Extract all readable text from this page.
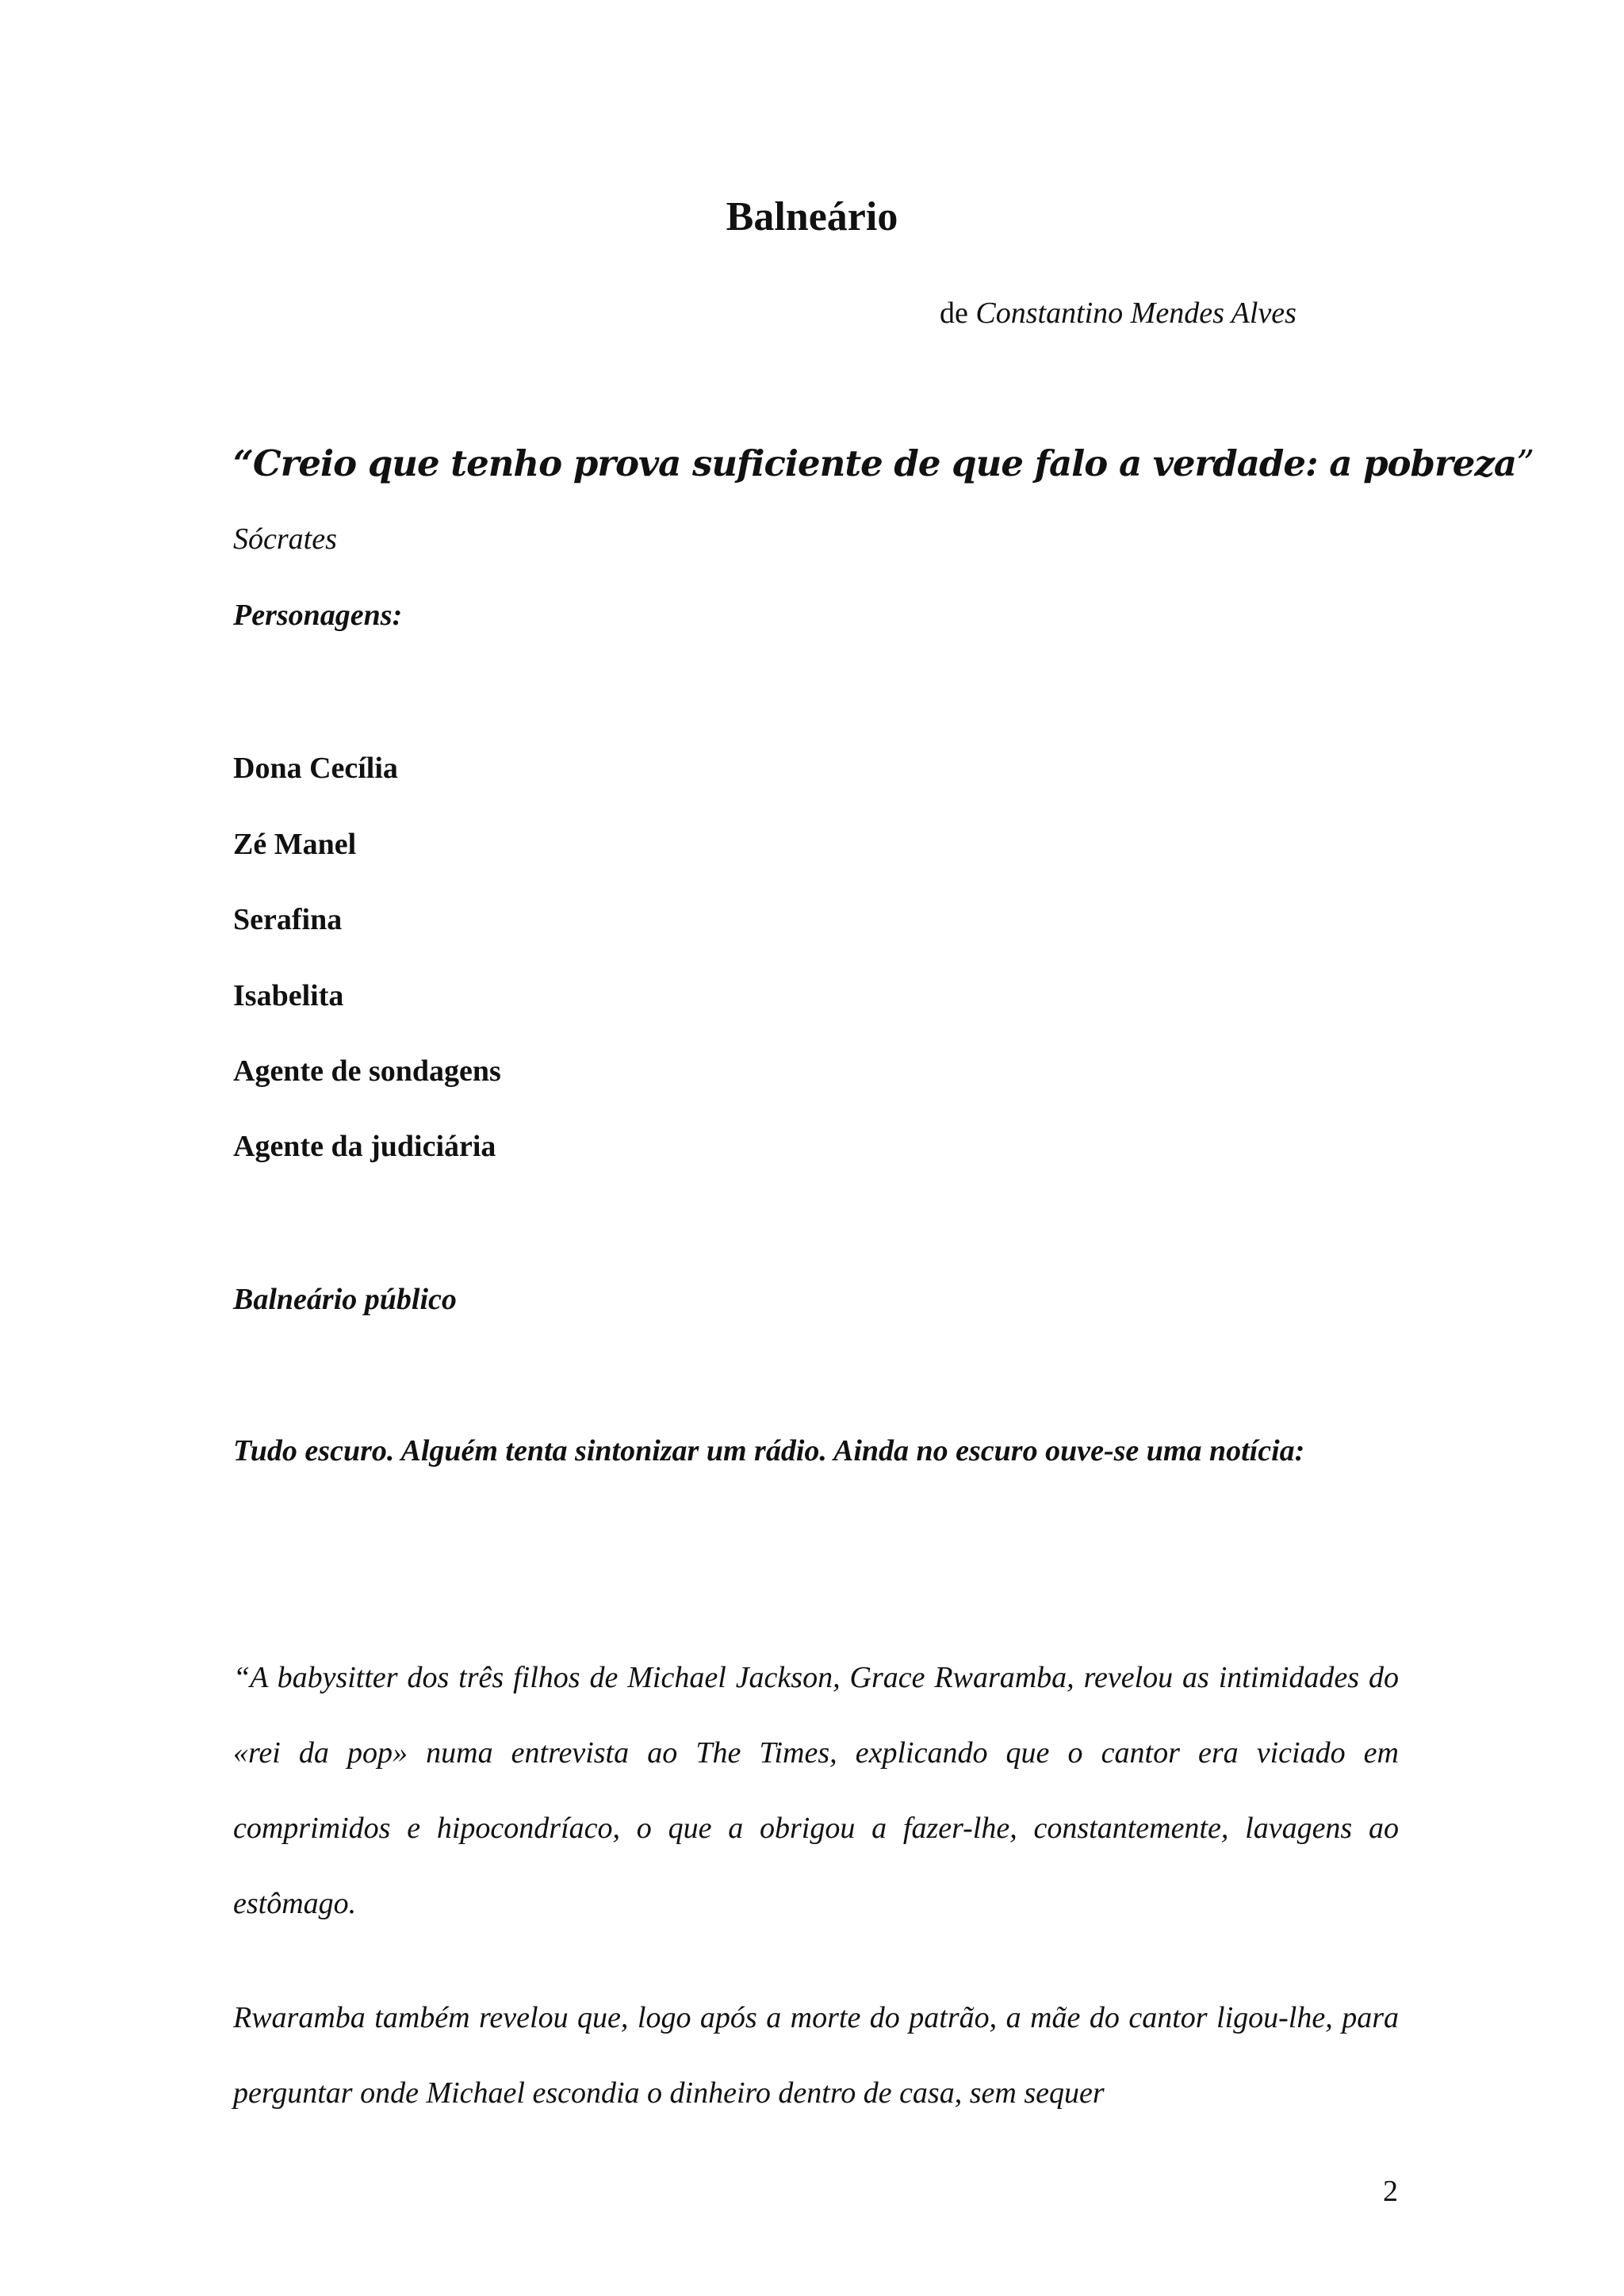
Balneário
de Constantino Mendes Alves
“Creio que tenho prova suficiente de que falo a verdade: a pobreza”
Sócrates
Personagens:
Dona Cecília
Zé Manel
Serafina
Isabelita
Agente de sondagens
Agente da judiciária
Balneário público

Tudo escuro. Alguém tenta sintonizar um rádio. Ainda no escuro ouve-se uma notícia:

“A babysitter dos três filhos de Michael Jackson, Grace Rwaramba, revelou as intimidades do «rei da pop» numa entrevista ao The Times, explicando que o cantor era viciado em comprimidos e hipocondríaco, o que a obrigou a fazer-lhe, constantemente, lavagens ao estômago.

Rwaramba também revelou que, logo após a morte do patrão, a mãe do cantor ligou-lhe, para perguntar onde Michael escondia o dinheiro dentro de casa, sem sequer

2
